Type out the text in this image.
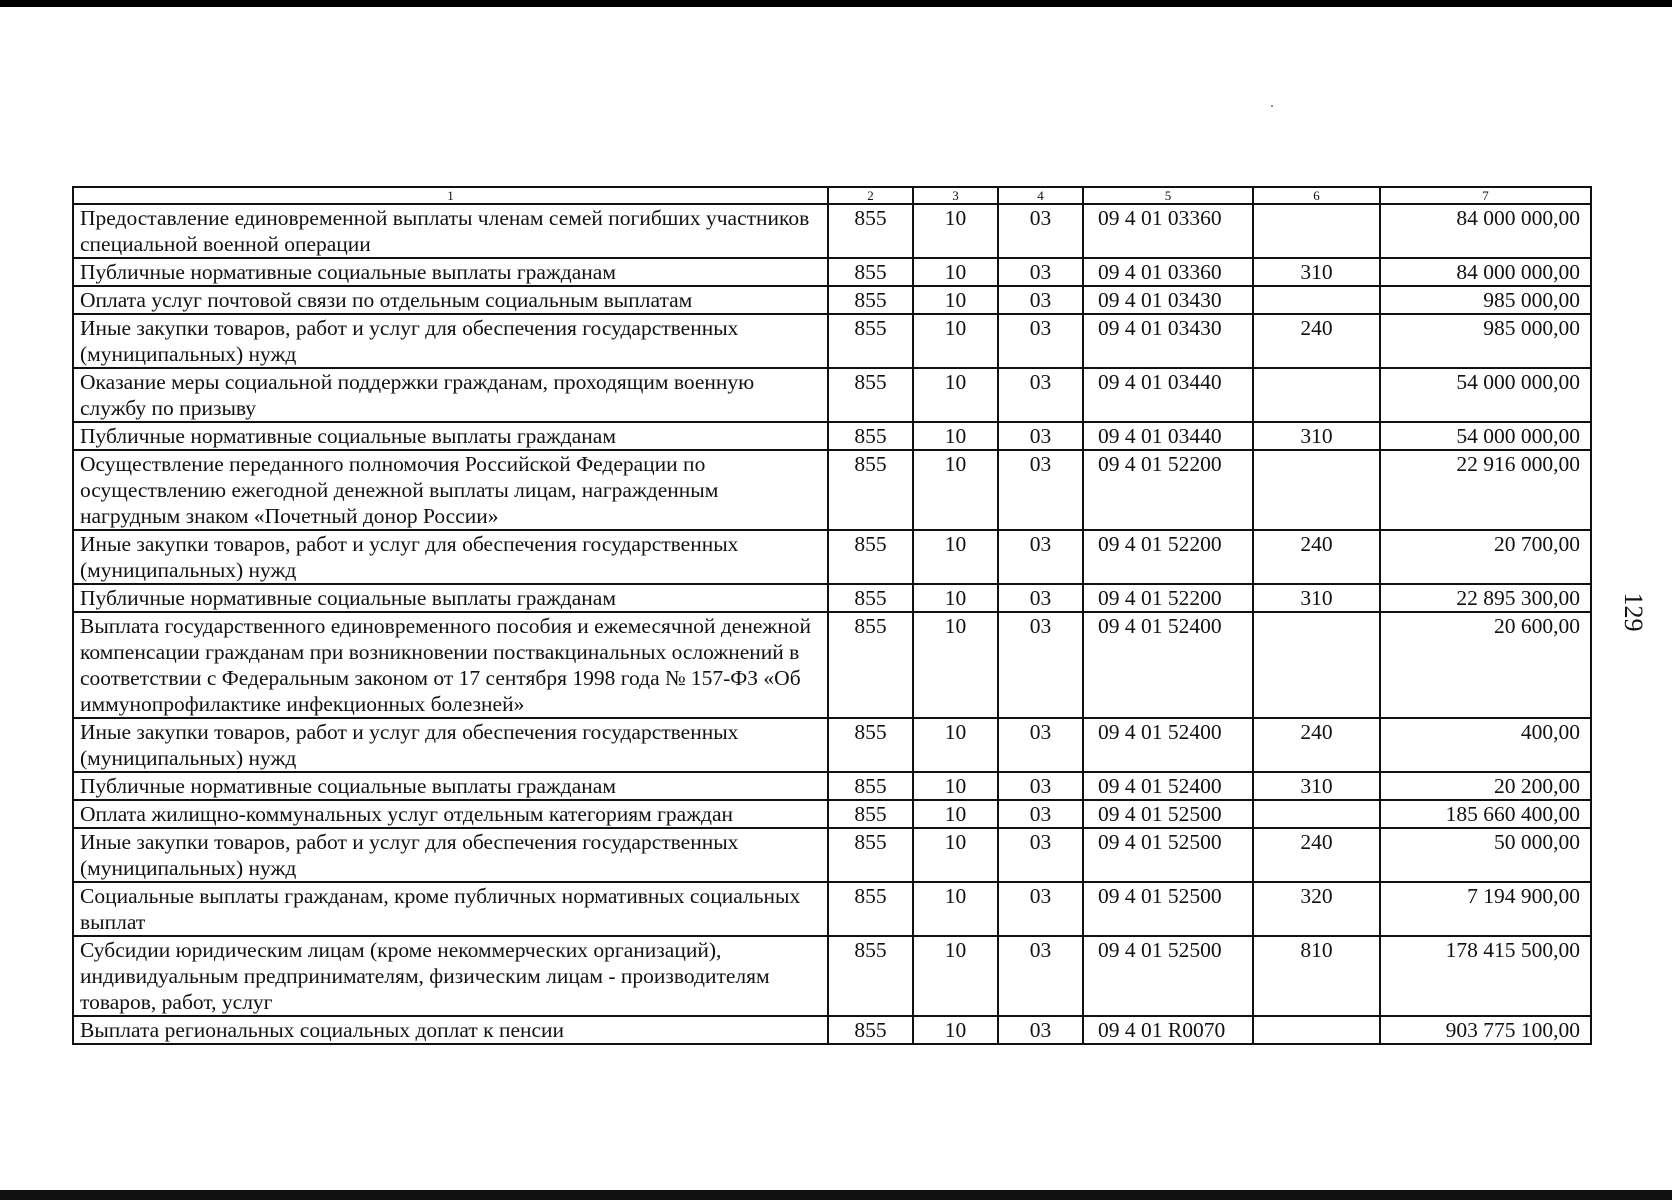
1	2	3	4	5	6	7
Предоставление единовременной выплаты членам семей погибших участников специальной военной операции	855	10	03	09 4 01 03360		84 000 000,00
Публичные нормативные социальные выплаты гражданам	855	10	03	09 4 01 03360	310	84 000 000,00
Оплата услуг почтовой связи по отдельным социальным выплатам	855	10	03	09 4 01 03430		985 000,00
Иные закупки товаров, работ и услуг для обеспечения государственных (муниципальных) нужд	855	10	03	09 4 01 03430	240	985 000,00
Оказание меры социальной поддержки гражданам, проходящим военную службу по призыву	855	10	03	09 4 01 03440		54 000 000,00
Публичные нормативные социальные выплаты гражданам	855	10	03	09 4 01 03440	310	54 000 000,00
Осуществление переданного полномочия Российской Федерации по осуществлению ежегодной денежной выплаты лицам, награжденным нагрудным знаком «Почетный донор России»	855	10	03	09 4 01 52200		22 916 000,00
Иные закупки товаров, работ и услуг для обеспечения государственных (муниципальных) нужд	855	10	03	09 4 01 52200	240	20 700,00
Публичные нормативные социальные выплаты гражданам	855	10	03	09 4 01 52200	310	22 895 300,00
Выплата государственного единовременного пособия и ежемесячной денежной компенсации гражданам при возникновении поствакцинальных осложнений в соответствии с Федеральным законом от 17 сентября 1998 года № 157-ФЗ «Об иммунопрофилактике инфекционных болезней»	855	10	03	09 4 01 52400		20 600,00
Иные закупки товаров, работ и услуг для обеспечения государственных (муниципальных) нужд	855	10	03	09 4 01 52400	240	400,00
Публичные нормативные социальные выплаты гражданам	855	10	03	09 4 01 52400	310	20 200,00
Оплата жилищно-коммунальных услуг отдельным категориям граждан	855	10	03	09 4 01 52500		185 660 400,00
Иные закупки товаров, работ и услуг для обеспечения государственных (муниципальных) нужд	855	10	03	09 4 01 52500	240	50 000,00
Социальные выплаты гражданам, кроме публичных нормативных социальных выплат	855	10	03	09 4 01 52500	320	7 194 900,00
Субсидии юридическим лицам (кроме некоммерческих организаций), индивидуальным предпринимателям, физическим лицам - производителям товаров, работ, услуг	855	10	03	09 4 01 52500	810	178 415 500,00
Выплата региональных социальных доплат к пенсии	855	10	03	09 4 01 R0070		903 775 100,00
129
